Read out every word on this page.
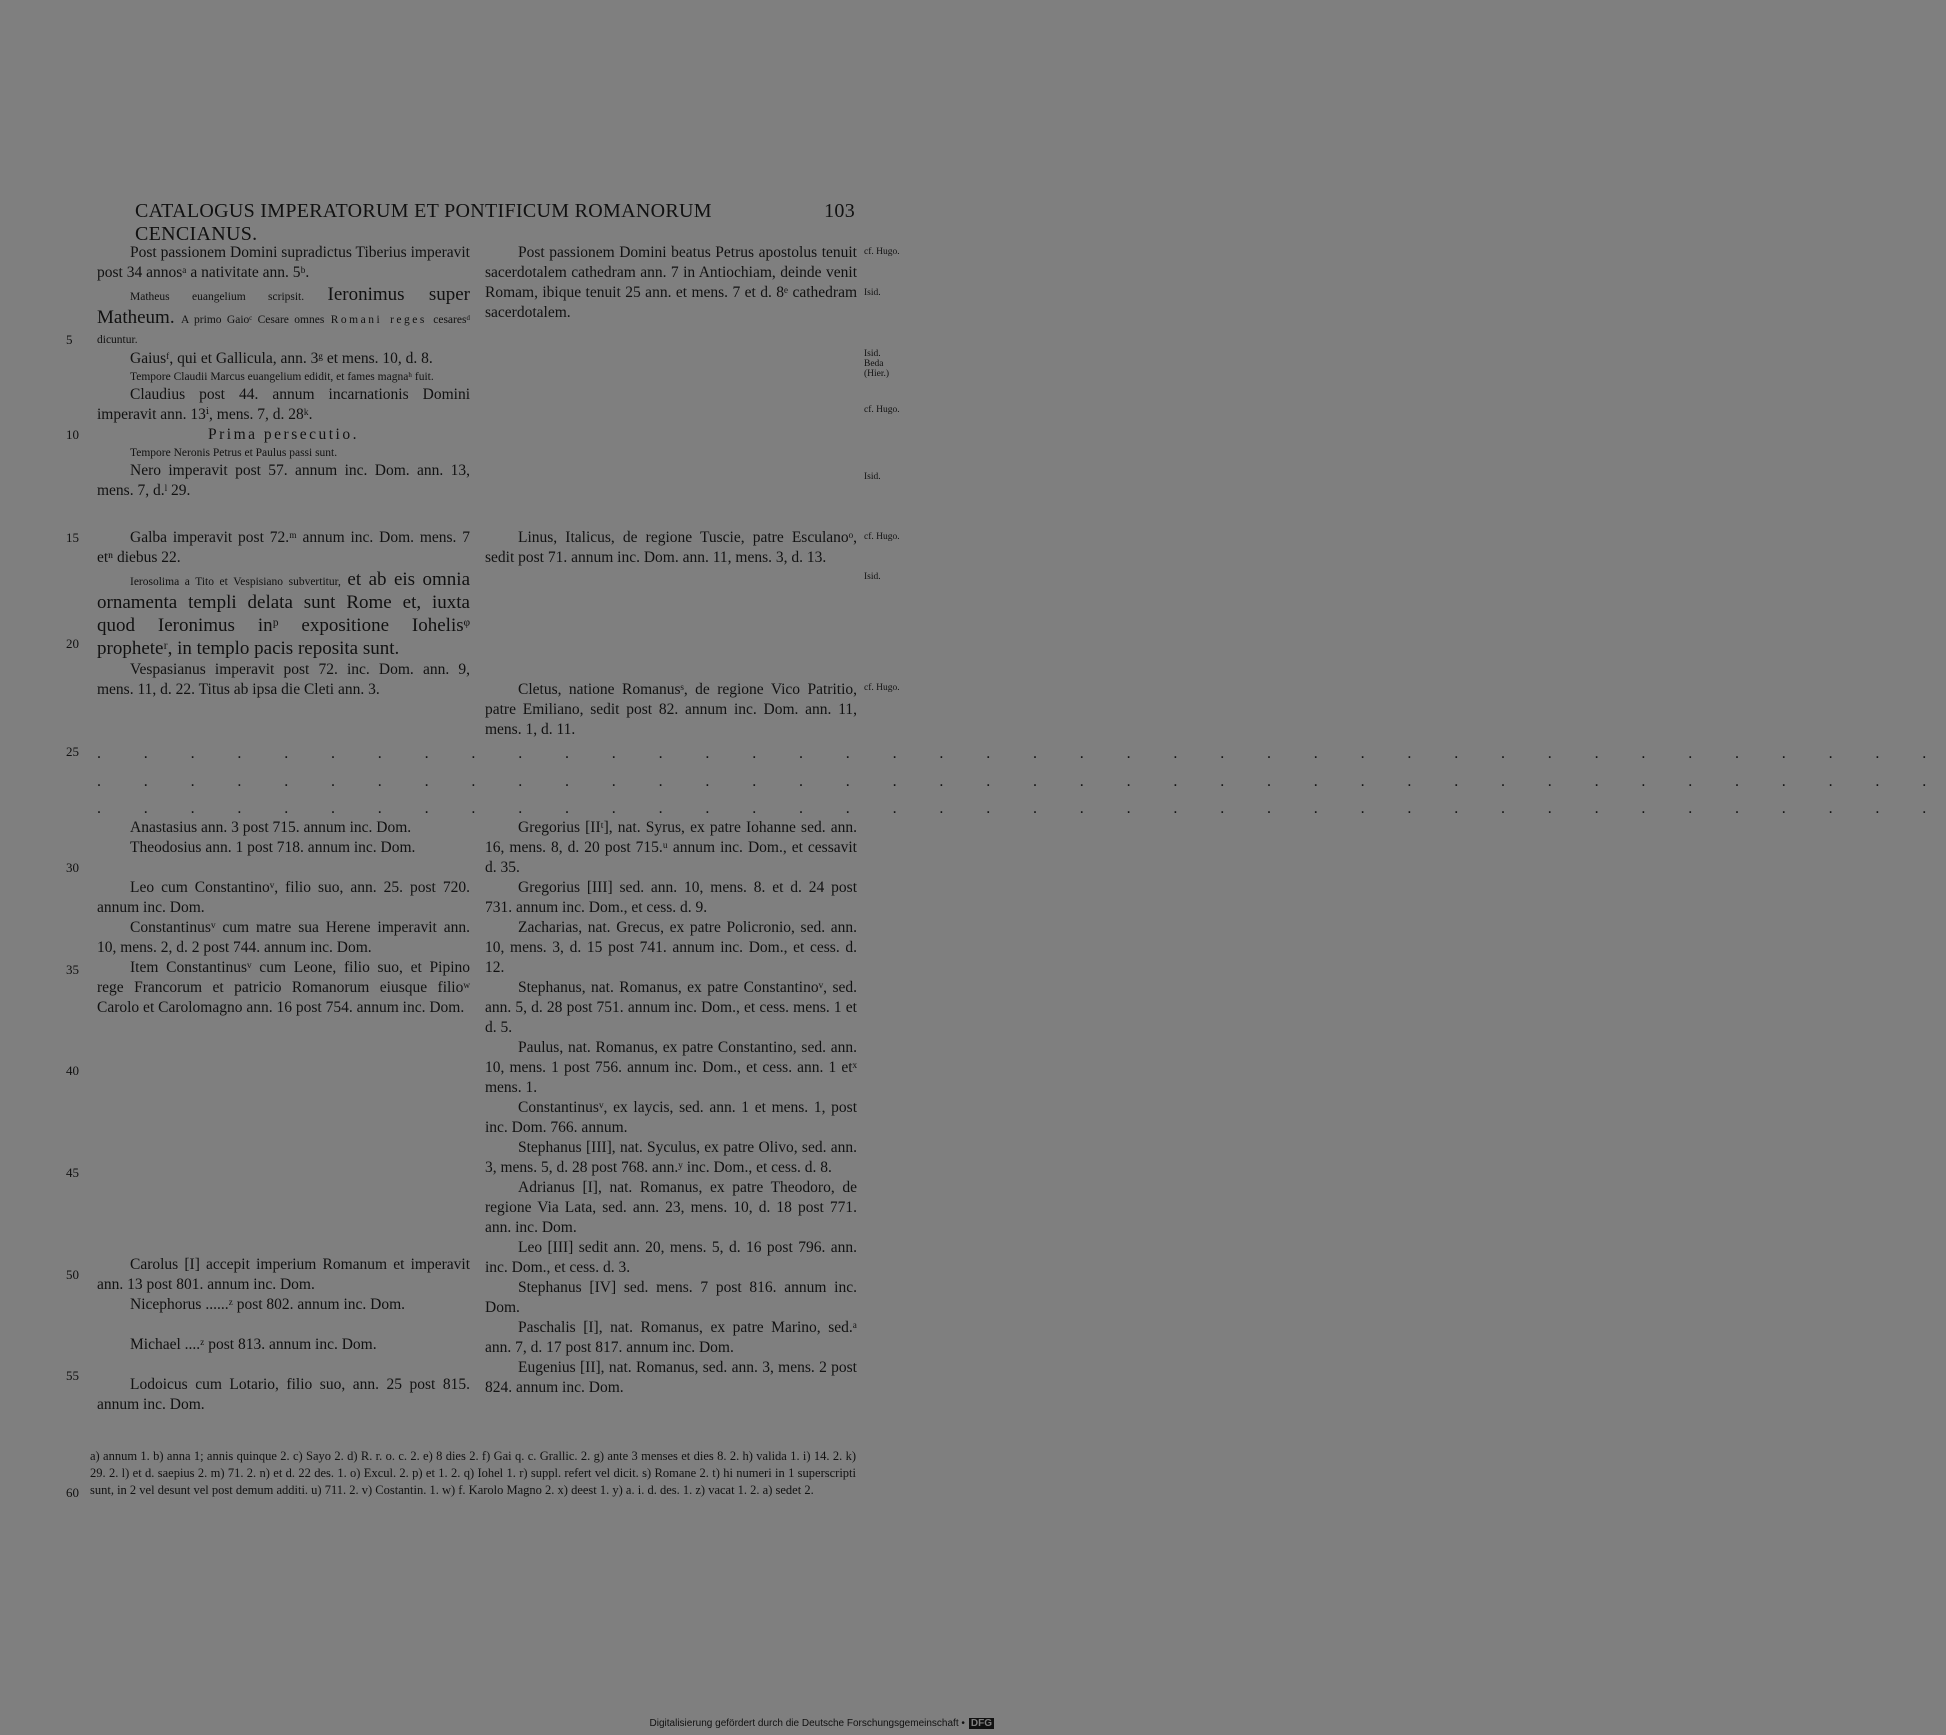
CATALOGUS IMPERATORUM ET PONTIFICUM ROMANORUM CENCIANUS.
103
5
10
15
20
25
30
35
40
45
50
55
60

Post passionem Domini supradictus Tiberius imperavit post 34 annosᵃ a nativitate ann. 5ᵇ.

Matheus euangelium scripsit. Ieronimus super Matheum. A primo Gaioᶜ Cesare omnes Romani reges cesaresᵈ dicuntur.

Gaiusᶠ, qui et Gallicula, ann. 3ᵍ et mens. 10, d. 8.

Tempore Claudii Marcus euangelium edidit, et fames magnaʰ fuit.

Claudius post 44. annum incarnationis Domini imperavit ann. 13ⁱ, mens. 7, d. 28ᵏ.

Prima persecutio.

Tempore Neronis Petrus et Paulus passi sunt.

Nero imperavit post 57. annum inc. Dom. ann. 13, mens. 7, d.ˡ 29.

Galba imperavit post 72.ᵐ annum inc. Dom. mens. 7 etⁿ diebus 22.

Ierosolima a Tito et Vespisiano subvertitur, et ab eis omnia ornamenta templi delata sunt Rome et, iuxta quod Ieronimus inᵖ expositione Iohelisᵠ propheteʳ, in templo pacis reposita sunt.

Vespasianus imperavit post 72. inc. Dom. ann. 9, mens. 11, d. 22. Titus ab ipsa die Cleti ann. 3.

Post passionem Domini beatus Petrus apostolus tenuit sacerdotalem cathedram ann. 7 in Antiochiam, deinde venit Romam, ibique tenuit 25 ann. et mens. 7 et d. 8ᵉ cathedram sacerdotalem.

Linus, Italicus, de regione Tuscie, patre Esculanoᵒ, sedit post 71. annum inc. Dom. ann. 11, mens. 3, d. 13.

Cletus, natione Romanusˢ, de regione Vico Patritio, patre Emiliano, sedit post 82. annum inc. Dom. ann. 11, mens. 1, d. 11.

cf. Hugo.
Isid.
Isid. Beda (Hier.)
cf. Hugo.
Isid.
cf. Hugo.
Isid.
cf. Hugo.
. . . . . . . . . . . . . . . . . . . . . . . . . . . . . . . . . . . . . . . .
. . . . . . . . . . . . . . . . . . . . . . . . . . . . . . . . . . . . . . . .
. . . . . . . . . . . . . . . . . . . . . . . . . . . . . . . . . . . . . . . .

Anastasius ann. 3 post 715. annum inc. Dom.

Theodosius ann. 1 post 718. annum inc. Dom.

Leo cum Constantinoᵛ, filio suo, ann. 25. post 720. annum inc. Dom.

Constantinusᵛ cum matre sua Herene imperavit ann. 10, mens. 2, d. 2 post 744. annum inc. Dom.

Item Constantinusᵛ cum Leone, filio suo, et Pipino rege Francorum et patricio Romanorum eiusque filioʷ Carolo et Carolomagno ann. 16 post 754. annum inc. Dom.

Carolus [I] accepit imperium Romanum et imperavit ann. 13 post 801. annum inc. Dom.

Nicephorus ......ᶻ post 802. annum inc. Dom.

Michael ....ᶻ post 813. annum inc. Dom.

Lodoicus cum Lotario, filio suo, ann. 25 post 815. annum inc. Dom.

Gregorius [IIᵗ], nat. Syrus, ex patre Iohanne sed. ann. 16, mens. 8, d. 20 post 715.ᵘ annum inc. Dom., et cessavit d. 35.

Gregorius [III] sed. ann. 10, mens. 8. et d. 24 post 731. annum inc. Dom., et cess. d. 9.

Zacharias, nat. Grecus, ex patre Policronio, sed. ann. 10, mens. 3, d. 15 post 741. annum inc. Dom., et cess. d. 12.

Stephanus, nat. Romanus, ex patre Constantinoᵛ, sed. ann. 5, d. 28 post 751. annum inc. Dom., et cess. mens. 1 et d. 5.

Paulus, nat. Romanus, ex patre Constantino, sed. ann. 10, mens. 1 post 756. annum inc. Dom., et cess. ann. 1 etˣ mens. 1.

Constantinusᵛ, ex laycis, sed. ann. 1 et mens. 1, post inc. Dom. 766. annum.

Stephanus [III], nat. Syculus, ex patre Olivo, sed. ann. 3, mens. 5, d. 28 post 768. ann.ʸ inc. Dom., et cess. d. 8.

Adrianus [I], nat. Romanus, ex patre Theodoro, de regione Via Lata, sed. ann. 23, mens. 10, d. 18 post 771. ann. inc. Dom.

Leo [III] sedit ann. 20, mens. 5, d. 16 post 796. ann. inc. Dom., et cess. d. 3.

Stephanus [IV] sed. mens. 7 post 816. annum inc. Dom.

Paschalis [I], nat. Romanus, ex patre Marino, sed.ᵃ ann. 7, d. 17 post 817. annum inc. Dom.

Eugenius [II], nat. Romanus, sed. ann. 3, mens. 2 post 824. annum inc. Dom.

a) annum 1. b) anna 1; annis quinque 2. c) Sayo 2. d) R. r. o. c. 2. e) 8 dies 2. f) Gai q. c. Grallic. 2. g) ante 3 menses et dies 8. 2. h) valida 1. i) 14. 2. k) 29. 2. l) et d. saepius 2. m) 71. 2. n) et d. 22 des. 1. o) Excul. 2. p) et 1. 2. q) Iohel 1. r) suppl. refert vel dicit. s) Romane 2. t) hi numeri in 1 superscripti sunt, in 2 vel desunt vel post demum additi. u) 711. 2. v) Costantin. 1. w) f. Karolo Magno 2. x) deest 1. y) a. i. d. des. 1. z) vacat 1. 2. a) sedet 2.
Digitalisierung gefördert durch die Deutsche Forschungsgemeinschaft • DFG
